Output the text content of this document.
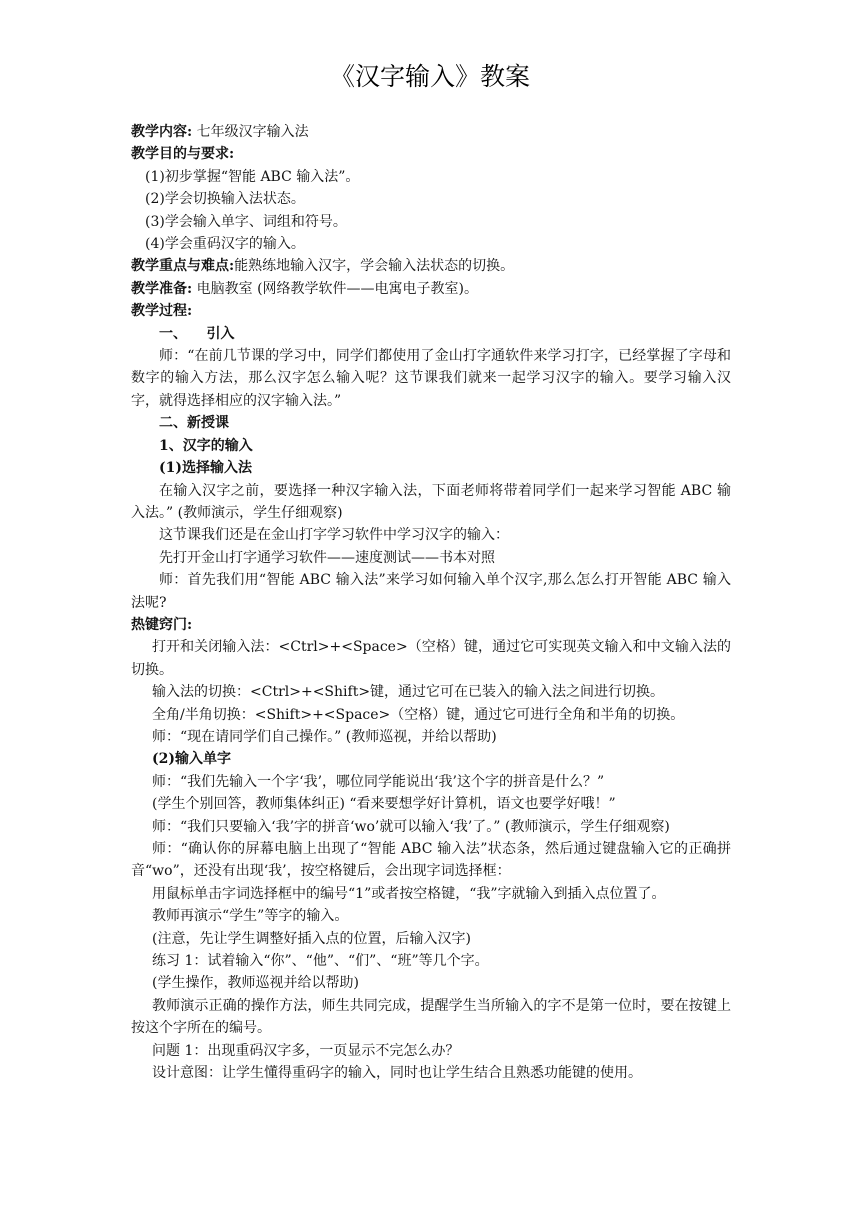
《汉字输入》教案

教学内容: 七年级汉字输入法

教学目的与要求:

(1)初步掌握“智能 ABC 输入法”。

(2)学会切换输入法状态。

(3)学会输入单字、词组和符号。

(4)学会重码汉字的输入。

教学重点与难点:能熟练地输入汉字，学会输入法状态的切换。

教学准备: 电脑教室 (网络教学软件——电寓电子教室)。

教学过程:

一、    引入

师：“在前几节课的学习中，同学们都使用了金山打字通软件来学习打字，已经掌握了字母和数字的输入方法，那么汉字怎么输入呢？这节课我们就来一起学习汉字的输入。要学习输入汉字，就得选择相应的汉字输入法。”

二、新授课

1、汉字的输入

(1)选择输入法

在输入汉字之前，要选择一种汉字输入法，下面老师将带着同学们一起来学习智能 ABC 输入法。” (教师演示，学生仔细观察)

这节课我们还是在金山打字学习软件中学习汉字的输入：

先打开金山打字通学习软件——速度测试——书本对照

师：首先我们用“智能 ABC 输入法”来学习如何输入单个汉字,那么怎么打开智能 ABC 输入法呢?

热键窍门:

打开和关闭输入法：<Ctrl>+<Space>（空格）键，通过它可实现英文输入和中文输入法的切换。

输入法的切换：<Ctrl>+<Shift>键，通过它可在已装入的输入法之间进行切换。

全角/半角切换：<Shift>+<Space>（空格）键，通过它可进行全角和半角的切换。

师：“现在请同学们自己操作。” (教师巡视，并给以帮助)

(2)输入单字

师：“我们先输入一个字‘我’，哪位同学能说出‘我’这个字的拼音是什么？”

(学生个别回答，教师集体纠正) “看来要想学好计算机，语文也要学好哦！”

师：“我们只要输入‘我’字的拼音‘wo’就可以输入‘我’了。” (教师演示，学生仔细观察)

师：“确认你的屏幕电脑上出现了“智能 ABC 输入法”状态条，然后通过键盘输入它的正确拼音“wo”，还没有出现‘我’，按空格键后，会出现字词选择框：

用鼠标单击字词选择框中的编号“1”或者按空格键，“我”字就输入到插入点位置了。

教师再演示“学生”等字的输入。

(注意，先让学生调整好插入点的位置，后输入汉字)

练习 1：试着输入“你”、“他”、“们”、“班”等几个字。

(学生操作，教师巡视并给以帮助)

教师演示正确的操作方法，师生共同完成，提醒学生当所输入的字不是第一位时，要在按键上按这个字所在的编号。

问题 1：出现重码汉字多，一页显示不完怎么办？

设计意图：让学生懂得重码字的输入，同时也让学生结合且熟悉功能键的使用。
